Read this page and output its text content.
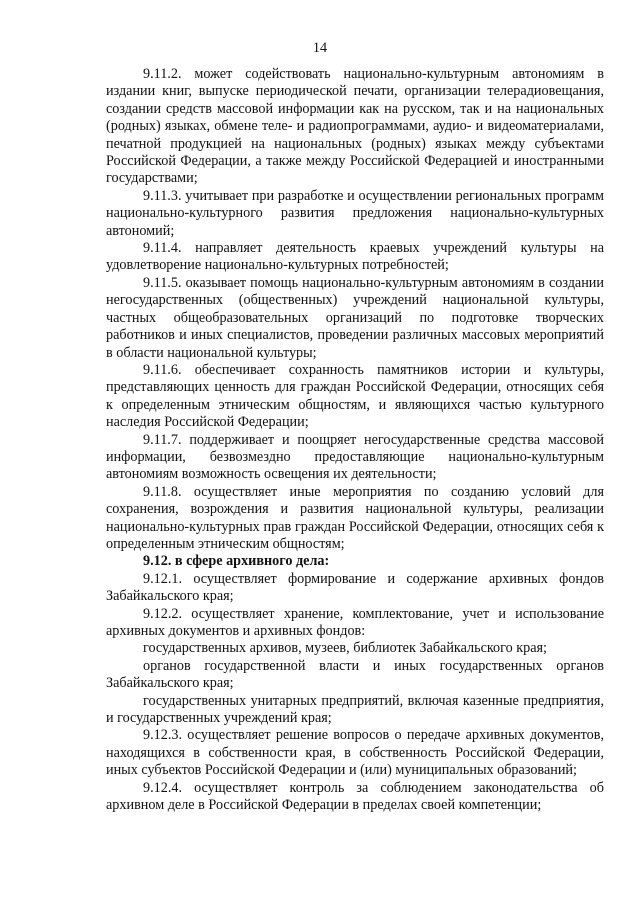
14

9.11.2. может содействовать национально-культурным автономиям в издании книг, выпуске периодической печати, организации телерадиовещания, создании средств массовой информации как на русском, так и на национальных (родных) языках, обмене теле- и радиопрограммами, аудио- и видеоматериалами, печатной продукцией на национальных (родных) языках между субъектами Российской Федерации, а также между Российской Федерацией и иностранными государствами;

9.11.3. учитывает при разработке и осуществлении региональных программ национально-культурного развития предложения национально-культурных автономий;

9.11.4. направляет деятельность краевых учреждений культуры на удовлетворение национально-культурных потребностей;

9.11.5. оказывает помощь национально-культурным автономиям в создании негосударственных (общественных) учреждений национальной культуры, частных общеобразовательных организаций по подготовке творческих работников и иных специалистов, проведении различных массовых мероприятий в области национальной культуры;

9.11.6. обеспечивает сохранность памятников истории и культуры, представляющих ценность для граждан Российской Федерации, относящих себя к определенным этническим общностям, и являющихся частью культурного наследия Российской Федерации;

9.11.7. поддерживает и поощряет негосударственные средства массовой информации, безвозмездно предоставляющие национально-культурным автономиям возможность освещения их деятельности;

9.11.8. осуществляет иные мероприятия по созданию условий для сохранения, возрождения и развития национальной культуры, реализации национально-культурных прав граждан Российской Федерации, относящих себя к определенным этническим общностям;

9.12. в сфере архивного дела:

9.12.1. осуществляет формирование и содержание архивных фондов Забайкальского края;

9.12.2. осуществляет хранение, комплектование, учет и использование архивных документов и архивных фондов:

государственных архивов, музеев, библиотек Забайкальского края;

органов государственной власти и иных государственных органов Забайкальского края;

государственных унитарных предприятий, включая казенные предприятия, и государственных учреждений края;

9.12.3. осуществляет решение вопросов о передаче архивных документов, находящихся в собственности края, в собственность Российской Федерации, иных субъектов Российской Федерации и (или) муниципальных образований;

9.12.4. осуществляет контроль за соблюдением законодательства об архивном деле в Российской Федерации в пределах своей компетенции;
